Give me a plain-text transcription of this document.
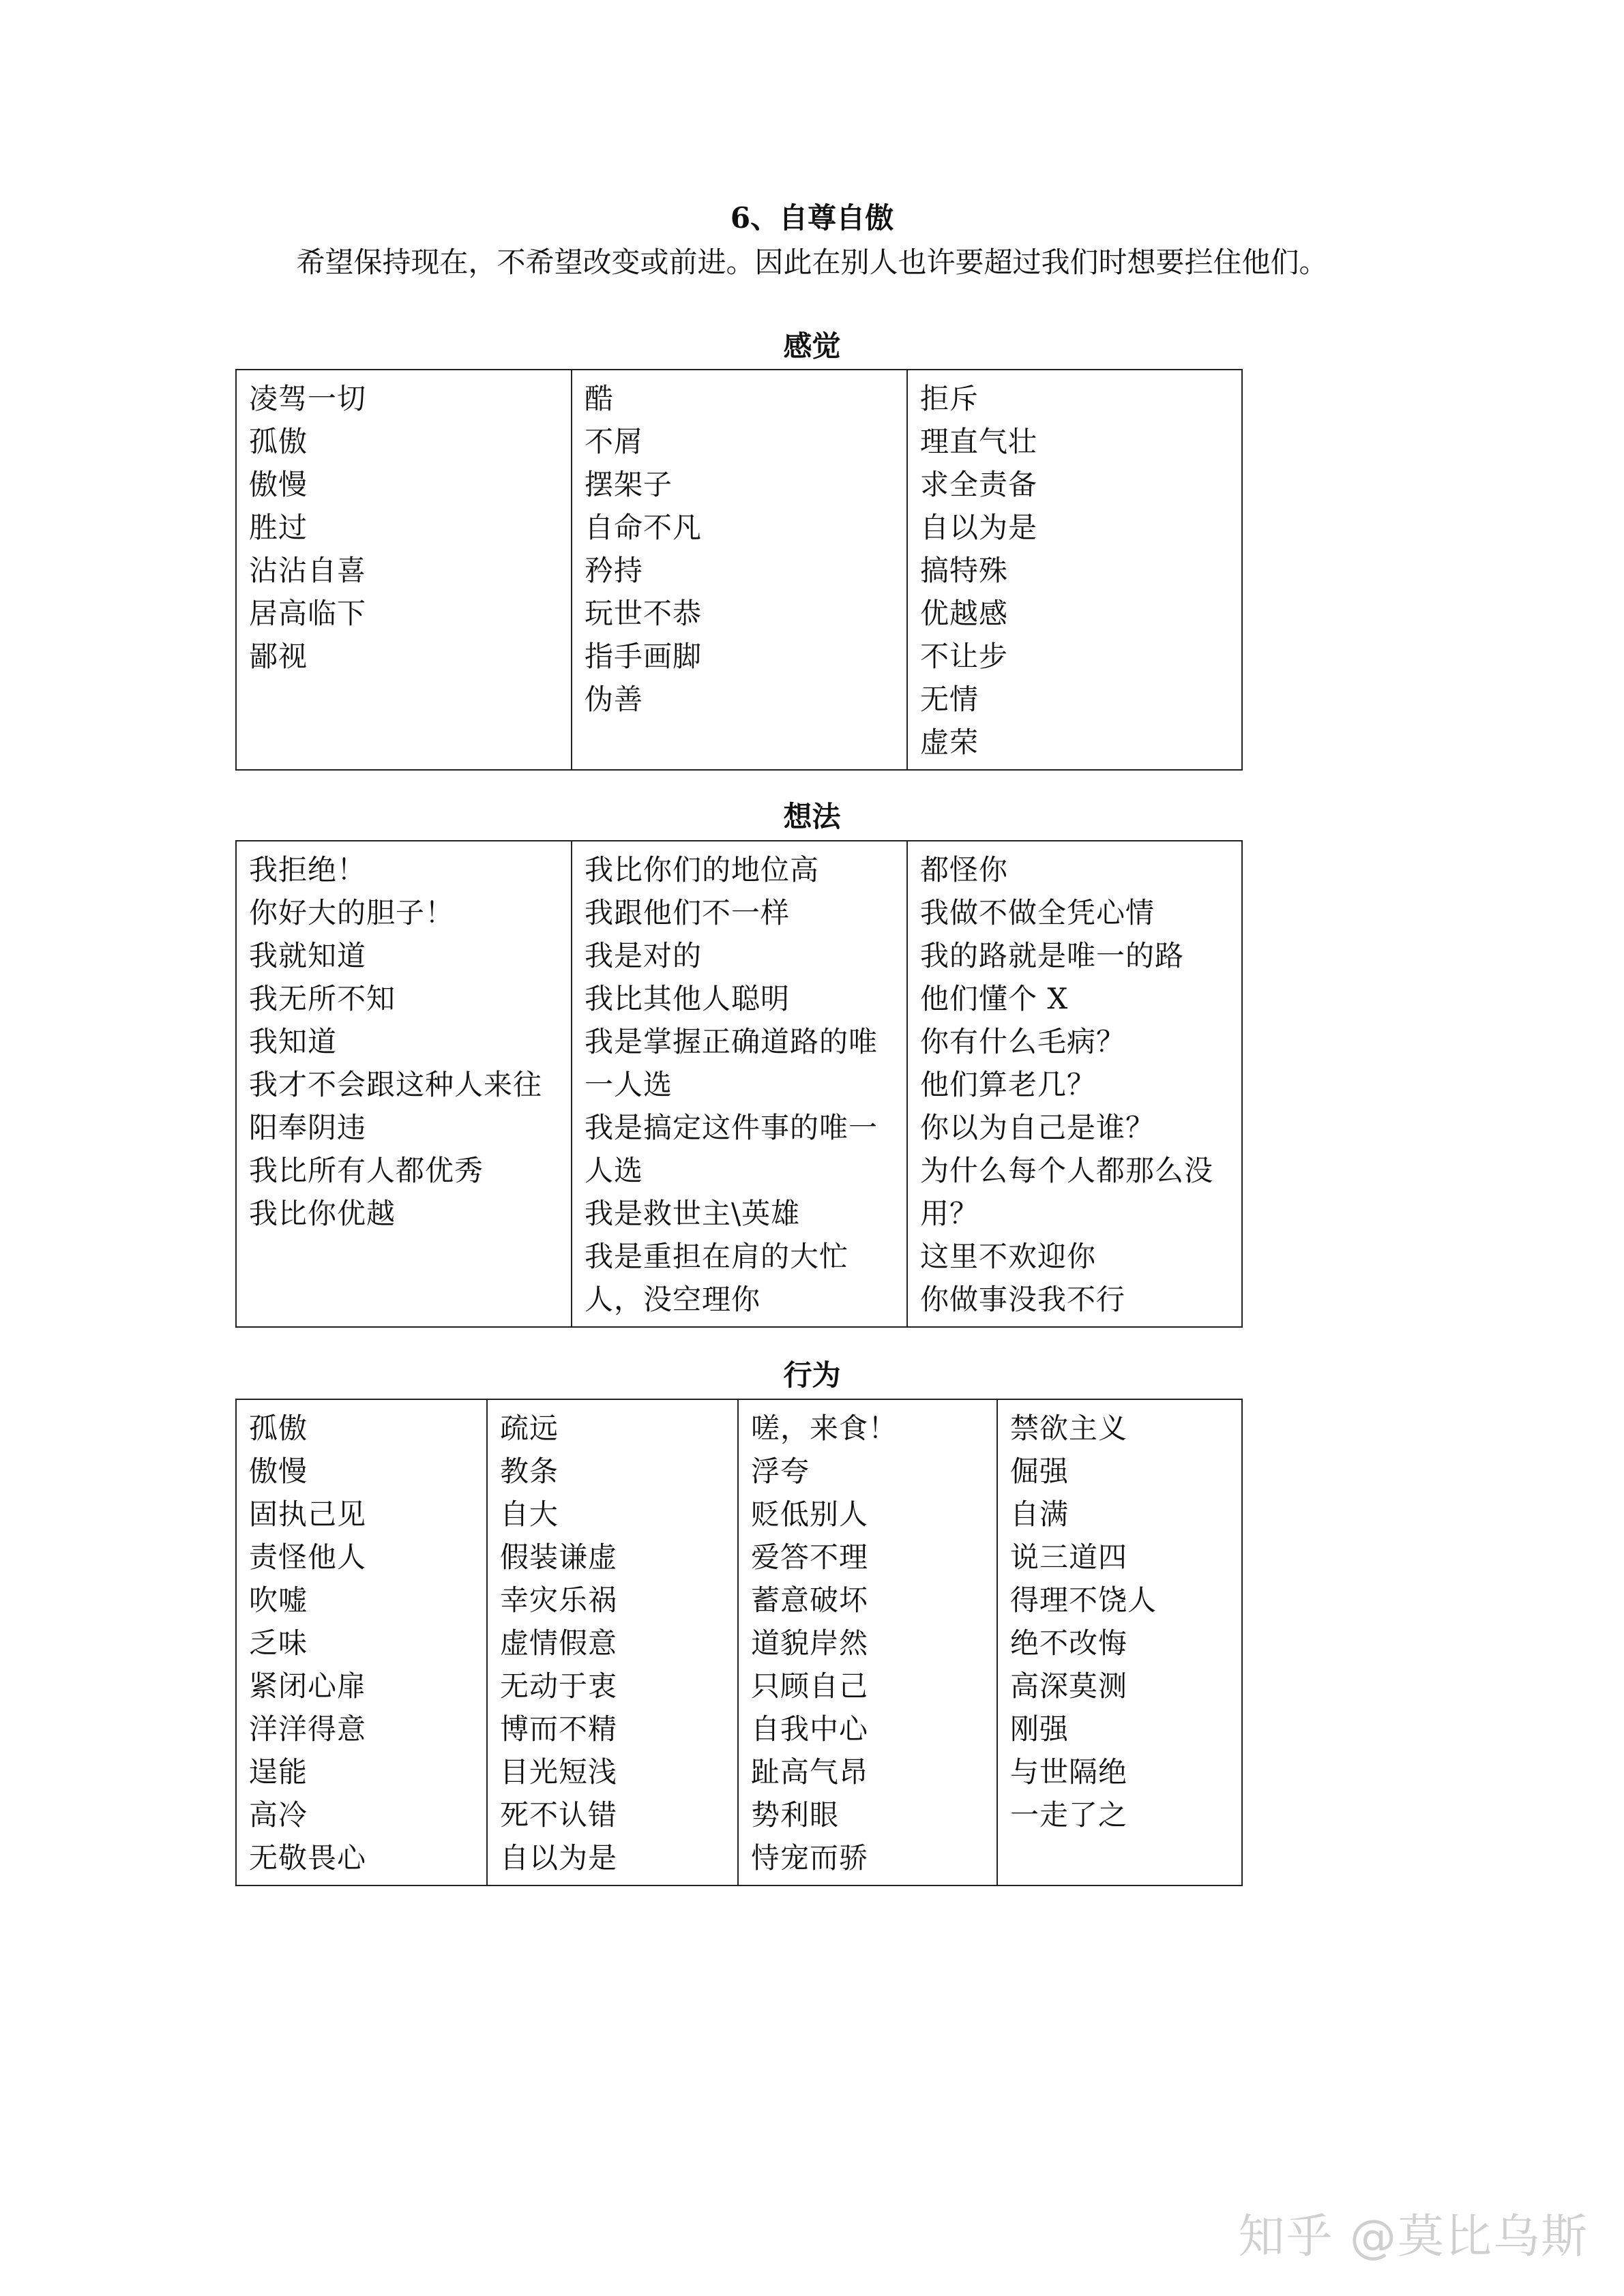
6、自尊自傲
希望保持现在，不希望改变或前进。因此在别人也许要超过我们时想要拦住他们。
感觉
凌驾一切
孤傲
傲慢
胜过
沾沾自喜
居高临下
鄙视

酷
不屑
摆架子
自命不凡
矜持
玩世不恭
指手画脚
伪善

拒斥
理直气壮
求全责备
自以为是
搞特殊
优越感
不让步
无情
虚荣
想法
我拒绝！
你好大的胆子！
我就知道
我无所不知
我知道
我才不会跟这种人来往
阳奉阴违
我比所有人都优秀
我比你优越

我比你们的地位高
我跟他们不一样
我是对的
我比其他人聪明
我是掌握正确道路的唯
一人选
我是搞定这件事的唯一
人选
我是救世主\英雄
我是重担在肩的大忙
人，没空理你

都怪你
我做不做全凭心情
我的路就是唯一的路
他们懂个 X
你有什么毛病？
他们算老几？
你以为自己是谁？
为什么每个人都那么没
用？
这里不欢迎你
你做事没我不行
行为
孤傲
傲慢
固执己见
责怪他人
吹嘘
乏味
紧闭心扉
洋洋得意
逞能
高冷
无敬畏心

疏远
教条
自大
假装谦虚
幸灾乐祸
虚情假意
无动于衷
博而不精
目光短浅
死不认错
自以为是

嗟，来食！
浮夸
贬低别人
爱答不理
蓄意破坏
道貌岸然
只顾自己
自我中心
趾高气昂
势利眼
恃宠而骄

禁欲主义
倔强
自满
说三道四
得理不饶人
绝不改悔
高深莫测
刚强
与世隔绝
一走了之
知乎 @莫比乌斯
